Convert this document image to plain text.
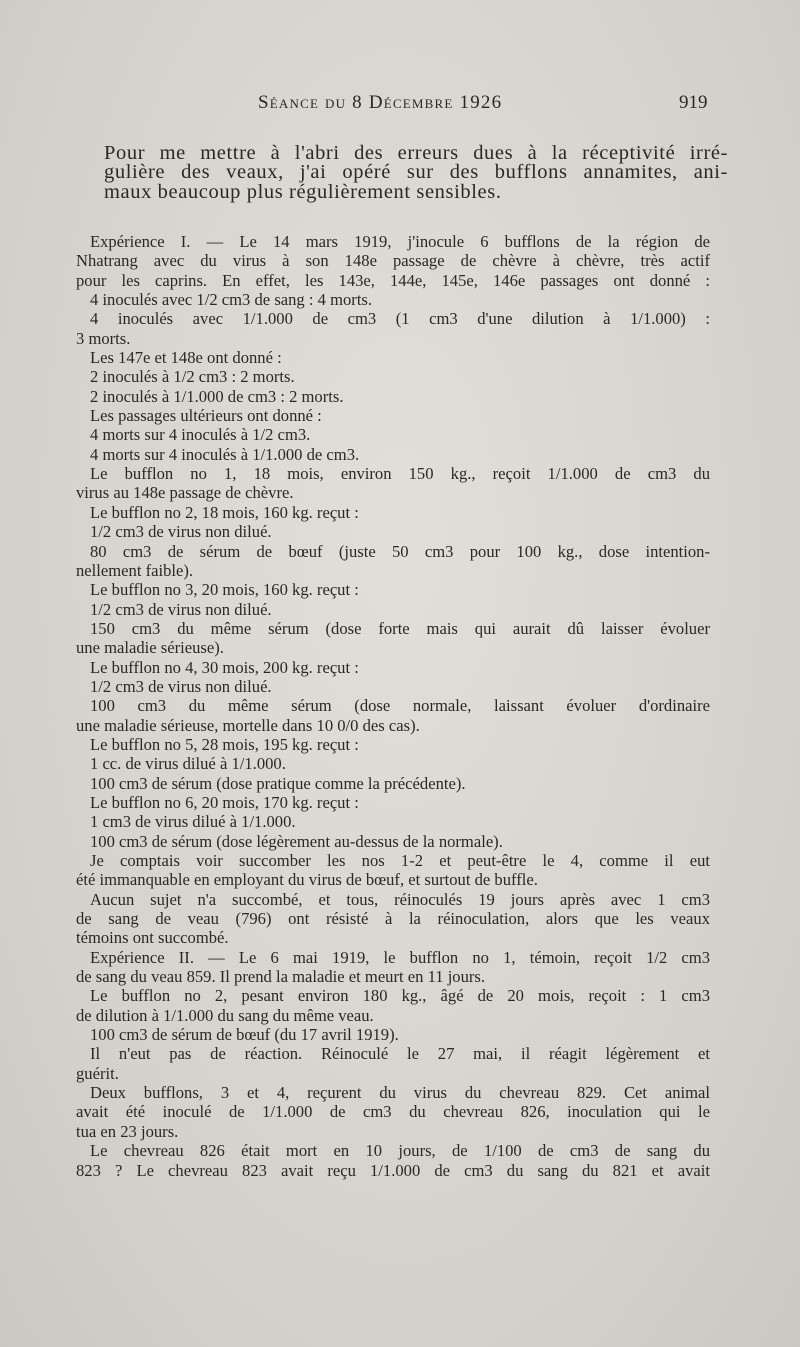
Séance du 8 Décembre 1926	919

Pour me mettre à l'abri des erreurs dues à la réceptivité irré-
gulière des veaux, j'ai opéré sur des bufflons annamites, ani-
maux beaucoup plus régulièrement sensibles.

Expérience I. — Le 14 mars 1919, j'inocule 6 bufflons de la région de
Nhatrang avec du virus à son 148e passage de chèvre à chèvre, très actif
pour les caprins. En effet, les 143e, 144e, 145e, 146e passages ont donné :
4 inoculés avec 1/2 cm3 de sang : 4 morts.
4 inoculés avec 1/1.000 de cm3 (1 cm3 d'une dilution à 1/1.000) :
3 morts.
Les 147e et 148e ont donné :
2 inoculés à 1/2 cm3 : 2 morts.
2 inoculés à 1/1.000 de cm3 : 2 morts.
Les passages ultérieurs ont donné :
4 morts sur 4 inoculés à 1/2 cm3.
4 morts sur 4 inoculés à 1/1.000 de cm3.
Le bufflon no 1, 18 mois, environ 150 kg., reçoit 1/1.000 de cm3 du
virus au 148e passage de chèvre.
Le bufflon no 2, 18 mois, 160 kg. reçut :
1/2 cm3 de virus non dilué.
80 cm3 de sérum de bœuf (juste 50 cm3 pour 100 kg., dose intention-
nellement faible).
Le bufflon no 3, 20 mois, 160 kg. reçut :
1/2 cm3 de virus non dilué.
150 cm3 du même sérum (dose forte mais qui aurait dû laisser évoluer
une maladie sérieuse).
Le bufflon no 4, 30 mois, 200 kg. reçut :
1/2 cm3 de virus non dilué.
100 cm3 du même sérum (dose normale, laissant évoluer d'ordinaire
une maladie sérieuse, mortelle dans 10 0/0 des cas).
Le bufflon no 5, 28 mois, 195 kg. reçut :
1 cc. de virus dilué à 1/1.000.
100 cm3 de sérum (dose pratique comme la précédente).
Le bufflon no 6, 20 mois, 170 kg. reçut :
1 cm3 de virus dilué à 1/1.000.
100 cm3 de sérum (dose légèrement au-dessus de la normale).
Je comptais voir succomber les nos 1-2 et peut-être le 4, comme il eut
été immanquable en employant du virus de bœuf, et surtout de buffle.
Aucun sujet n'a succombé, et tous, réinoculés 19 jours après avec 1 cm3
de sang de veau (796) ont résisté à la réinoculation, alors que les veaux
témoins ont succombé.
Expérience II. — Le 6 mai 1919, le bufflon no 1, témoin, reçoit 1/2 cm3
de sang du veau 859. Il prend la maladie et meurt en 11 jours.
Le bufflon no 2, pesant environ 180 kg., âgé de 20 mois, reçoit : 1 cm3
de dilution à 1/1.000 du sang du même veau.
100 cm3 de sérum de bœuf (du 17 avril 1919).
Il n'eut pas de réaction. Réinoculé le 27 mai, il réagit légèrement et
guérit.
Deux bufflons, 3 et 4, reçurent du virus du chevreau 829. Cet animal
avait été inoculé de 1/1.000 de cm3 du chevreau 826, inoculation qui le
tua en 23 jours.
Le chevreau 826 était mort en 10 jours, de 1/100 de cm3 de sang du
823 ? Le chevreau 823 avait reçu 1/1.000 de cm3 du sang du 821 et avait
